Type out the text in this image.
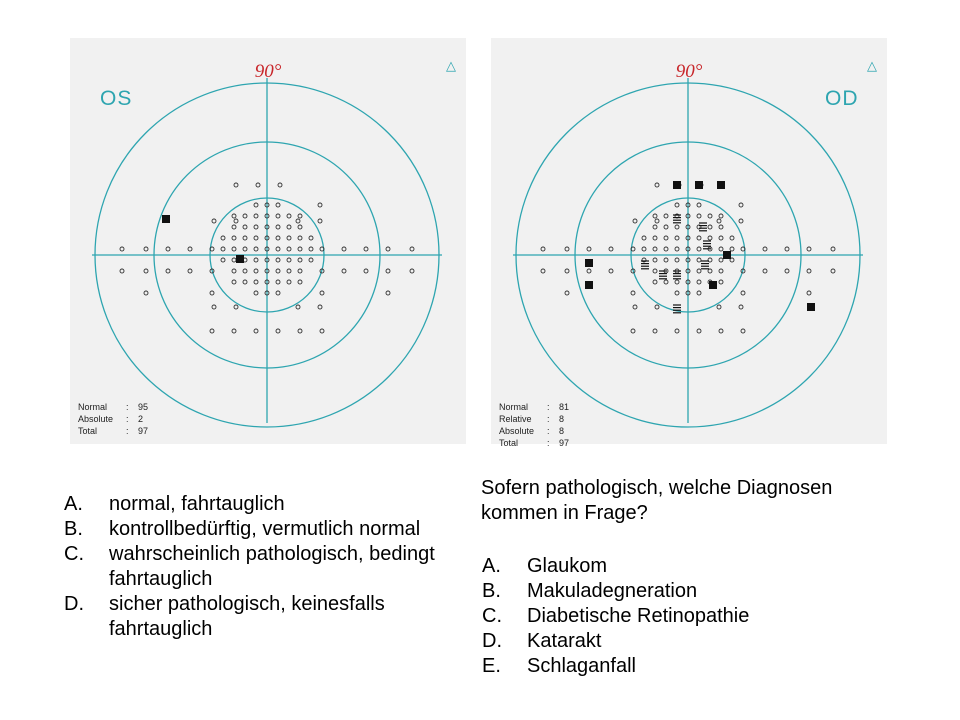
90°
OS
△
Normal	:	95
Absolute	:	2
Total	:	97
90°
OD
△
Normal	:	81
Relative	:	8
Absolute	:	8
Total	:	97
A.	normal, fahrtauglich
B.	kontrollbedürftig, vermutlich normal
C.	wahrscheinlich pathologisch, bedingt fahrtauglich
D.	sicher pathologisch, keinesfalls fahrtauglich
Sofern pathologisch, welche Diagnosen kommen in Frage?
A.	Glaukom
B.	Makuladegneration
C.	Diabetische Retinopathie
D.	Katarakt
E.	Schlaganfall
